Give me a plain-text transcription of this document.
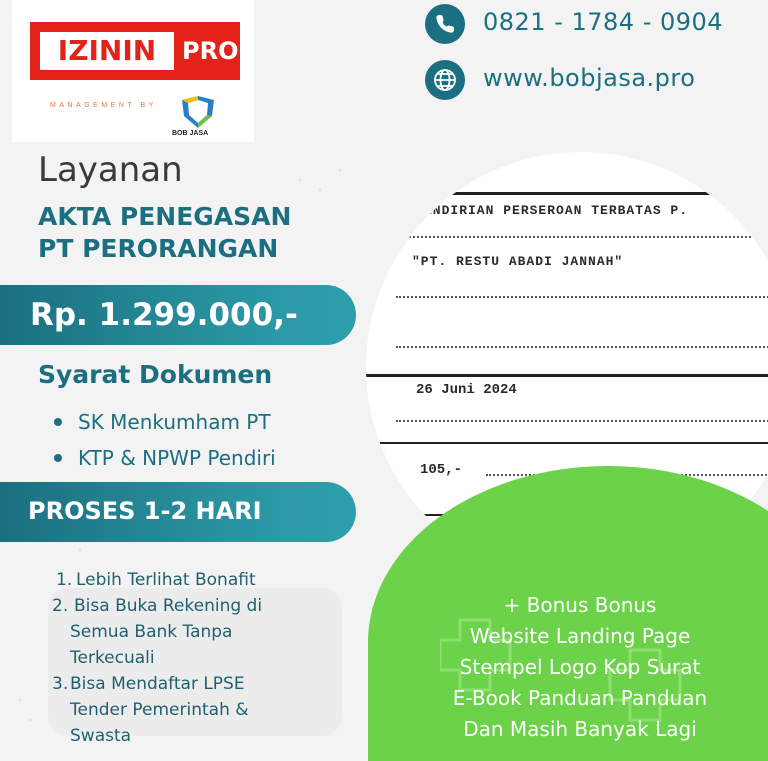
IZININ	PRO
MANAGEMENT BY
BOB JASA
0821 - 1784 - 0904
www.bobjasa.pro
Layanan
AKTA PENEGASAN
PT PERORANGAN
Rp. 1.299.000,-
Syarat Dokumen
SK Menkumham PT
KTP & NPWP Pendiri
PROSES 1-2 HARI
1. Lebih Terlihat Bonafit
2. Bisa Buka Rekening di
Semua Bank Tanpa
Terkecuali
3. Bisa Mendaftar LPSE
Tender Pemerintah &
Swasta
ENDIRIAN PERSEROAN TERBATAS P.
"PT. RESTU ABADI JANNAH"
26 Juni 2024
105,-
+ Bonus Bonus
Website Landing Page
Stempel Logo Kop Surat
E-Book Panduan Panduan
Dan Masih Banyak Lagi
